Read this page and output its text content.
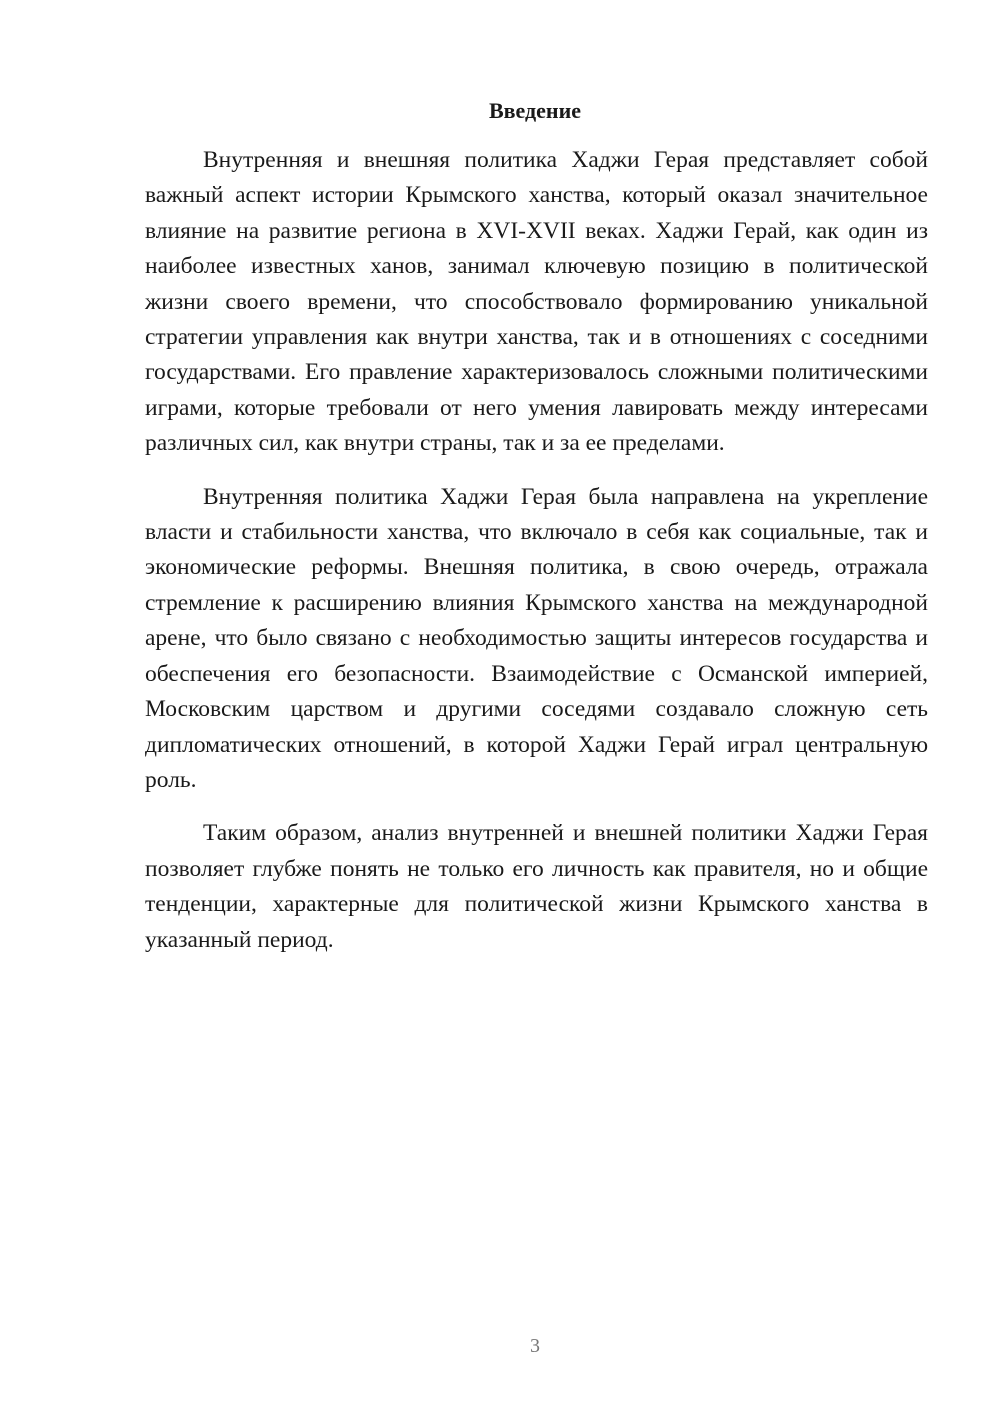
Введение

Внутренняя и внешняя политика Хаджи Герая представляет собой важный аспект истории Крымского ханства, который оказал значительное влияние на развитие региона в XVI-XVII веках. Хаджи Герай, как один из наиболее известных ханов, занимал ключевую позицию в политической жизни своего времени, что способствовало формированию уникальной стратегии управления как внутри ханства, так и в отношениях с соседними государствами. Его правление характеризовалось сложными политическими играми, которые требовали от него умения лавировать между интересами различных сил, как внутри страны, так и за ее пределами.

Внутренняя политика Хаджи Герая была направлена на укрепление власти и стабильности ханства, что включало в себя как социальные, так и экономические реформы. Внешняя политика, в свою очередь, отражала стремление к расширению влияния Крымского ханства на международной арене, что было связано с необходимостью защиты интересов государства и обеспечения его безопасности. Взаимодействие с Османской империей, Московским царством и другими соседями создавало сложную сеть дипломатических отношений, в которой Хаджи Герай играл центральную роль.

Таким образом, анализ внутренней и внешней политики Хаджи Герая позволяет глубже понять не только его личность как правителя, но и общие тенденции, характерные для политической жизни Крымского ханства в указанный период.

3
